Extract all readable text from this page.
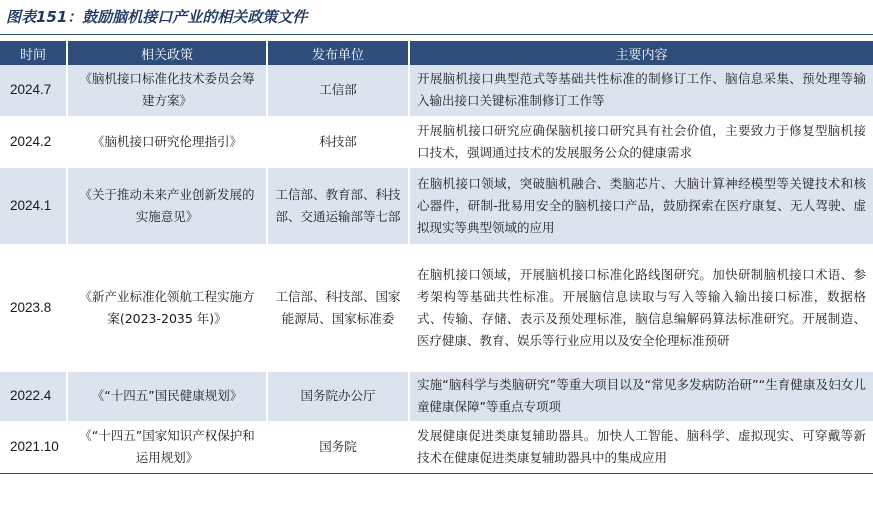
图表151：鼓励脑机接口产业的相关政策文件
时间	相关政策	发布单位	主要内容
2024.7	《脑机接口标准化技术委员会筹建方案》	工信部	开展脑机接口典型范式等基础共性标准的制修订工作、脑信息采集、预处理等输入输出接口关键标准制修订工作等
2024.2	《脑机接口研究伦理指引》	科技部	开展脑机接口研究应确保脑机接口研究具有社会价值，主要致力于修复型脑机接口技术，强调通过技术的发展服务公众的健康需求
2024.1	《关于推动未来产业创新发展的实施意见》	工信部、教育部、科技部、交通运输部等七部	在脑机接口领域，突破脑机融合、类脑芯片、大脑计算神经模型等关键技术和核心器件，研制-批易用安全的脑机接口产品，鼓励探索在医疗康复、无人驾驶、虚拟现实等典型领域的应用
2023.8	《新产业标准化领航工程实施方案(2023-2035 年)》	工信部、科技部、国家能源局、国家标准委	在脑机接口领域，开展脑机接口标准化路线图研究。加快研制脑机接口术语、参考架构等基础共性标准。开展脑信息读取与写入等输入输出接口标准，数据格式、传输、存储、表示及预处理标准，脑信息编解码算法标准研究。开展制造、医疗健康、教育、娱乐等行业应用以及安全伦理标准预研
2022.4	《“十四五”国民健康规划》	国务院办公厅	实施“脑科学与类脑研究”等重大项目以及“常见多发病防治研”“生育健康及妇女儿童健康保障”等重点专项项
2021.10	《“十四五”国家知识产权保护和运用规划》	国务院	发展健康促进类康复辅助器具。加快人工智能、脑科学、虚拟现实、可穿戴等新技术在健康促进类康复辅助器具中的集成应用
